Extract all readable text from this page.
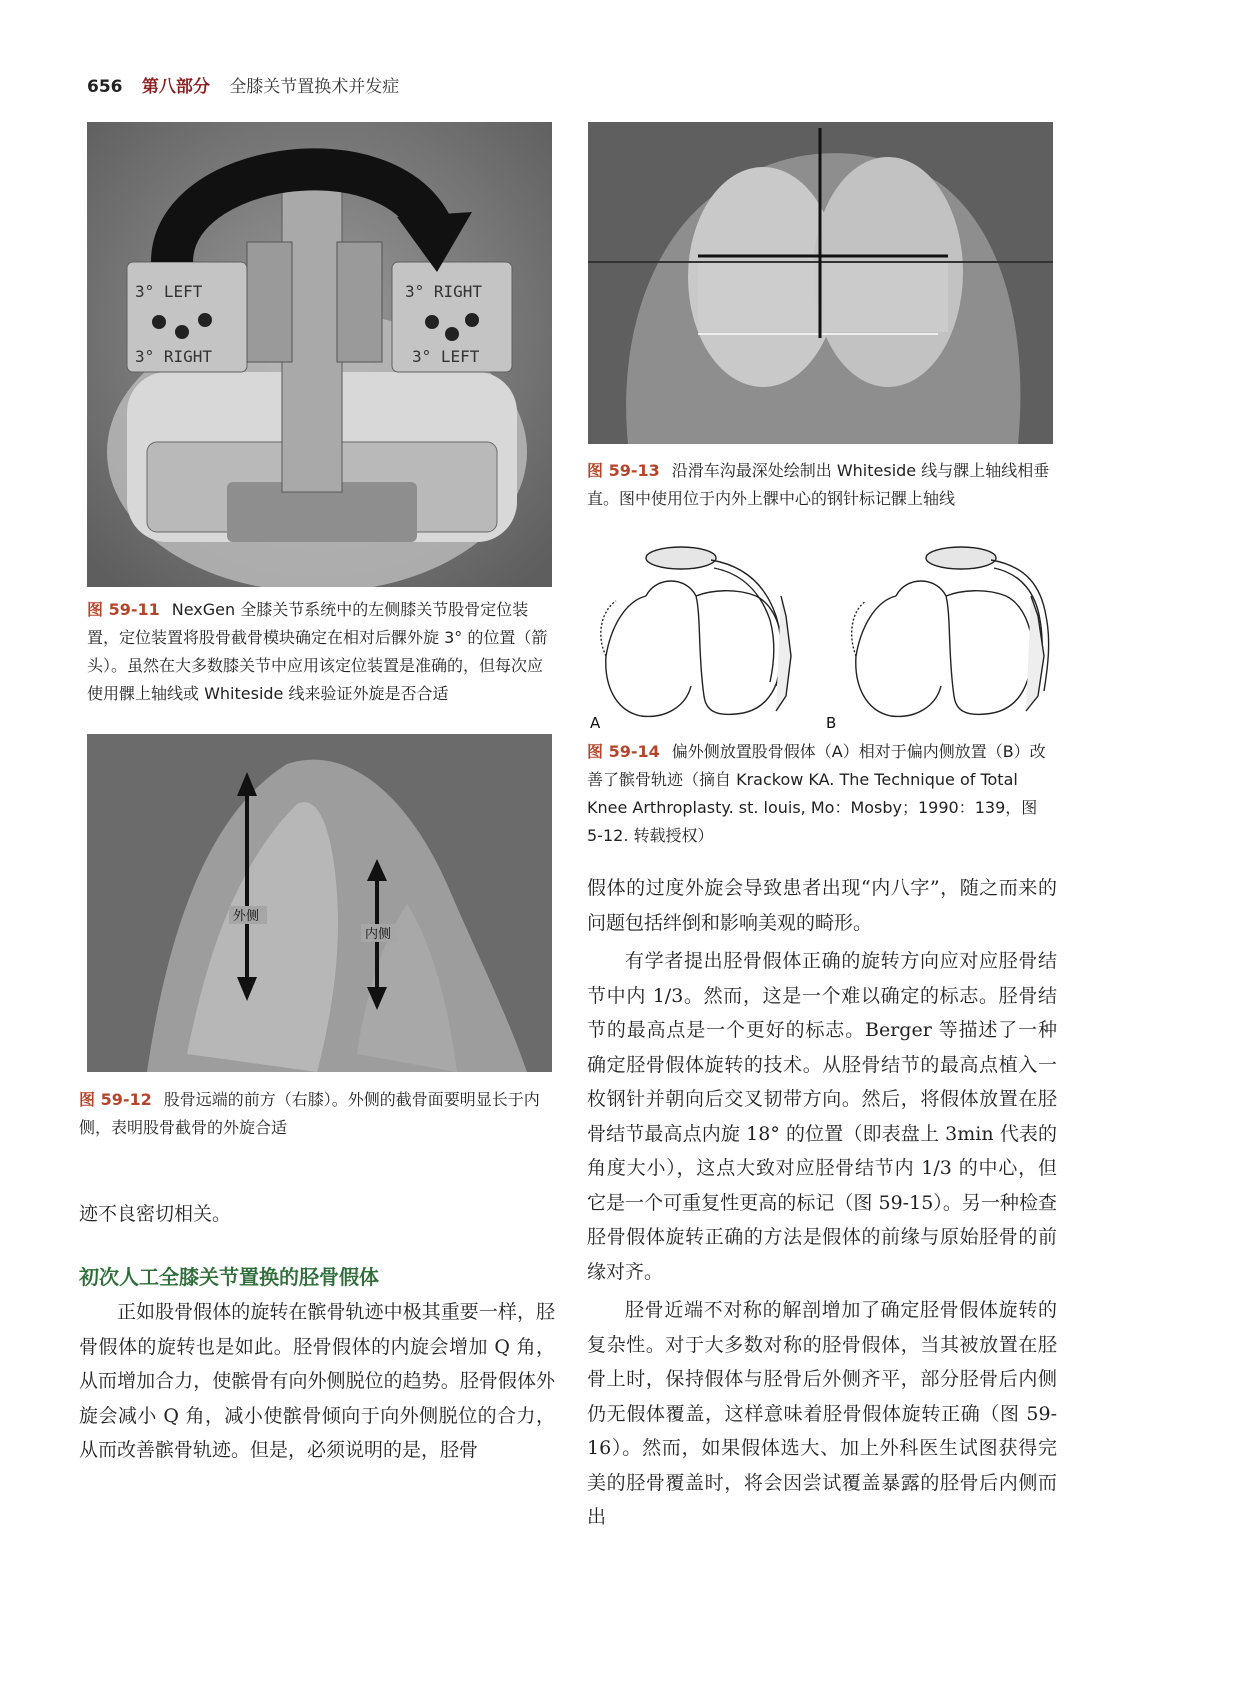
656 第八部分 全膝关节置换术并发症
3° LEFT
3° RIGHT
3° RIGHT
3° LEFT
图 59-11 NexGen 全膝关节系统中的左侧膝关节股骨定位装置，定位装置将股骨截骨模块确定在相对后髁外旋 3° 的位置（箭头）。虽然在大多数膝关节中应用该定位装置是准确的，但每次应使用髁上轴线或 Whiteside 线来验证外旋是否合适
外侧
内侧
图 59-12 股骨远端的前方（右膝）。外侧的截骨面要明显长于内侧，表明股骨截骨的外旋合适

迹不良密切相关。

初次人工全膝关节置换的胫骨假体

正如股骨假体的旋转在髌骨轨迹中极其重要一样，胫骨假体的旋转也是如此。胫骨假体的内旋会增加 Q 角，从而增加合力，使髌骨有向外侧脱位的趋势。胫骨假体外旋会减小 Q 角，减小使髌骨倾向于向外侧脱位的合力，从而改善髌骨轨迹。但是，必须说明的是，胫骨

图 59-13 沿滑车沟最深处绘制出 Whiteside 线与髁上轴线相垂直。图中使用位于内外上髁中心的钢针标记髁上轴线
A	B
图 59-14 偏外侧放置股骨假体（A）相对于偏内侧放置（B）改善了髌骨轨迹（摘自 Krackow KA. The Technique of Total Knee Arthroplasty. st. louis, Mo：Mosby；1990：139，图 5-12. 转载授权）

假体的过度外旋会导致患者出现“内八字”，随之而来的问题包括绊倒和影响美观的畸形。

有学者提出胫骨假体正确的旋转方向应对应胫骨结节中内 1/3。然而，这是一个难以确定的标志。胫骨结节的最高点是一个更好的标志。Berger 等描述了一种确定胫骨假体旋转的技术。从胫骨结节的最高点植入一枚钢针并朝向后交叉韧带方向。然后，将假体放置在胫骨结节最高点内旋 18° 的位置（即表盘上 3min 代表的角度大小），这点大致对应胫骨结节内 1/3 的中心，但它是一个可重复性更高的标记（图 59-15）。另一种检查胫骨假体旋转正确的方法是假体的前缘与原始胫骨的前缘对齐。

胫骨近端不对称的解剖增加了确定胫骨假体旋转的复杂性。对于大多数对称的胫骨假体，当其被放置在胫骨上时，保持假体与胫骨后外侧齐平，部分胫骨后内侧仍无假体覆盖，这样意味着胫骨假体旋转正确（图 59-16）。然而，如果假体选大、加上外科医生试图获得完美的胫骨覆盖时，将会因尝试覆盖暴露的胫骨后内侧而出
